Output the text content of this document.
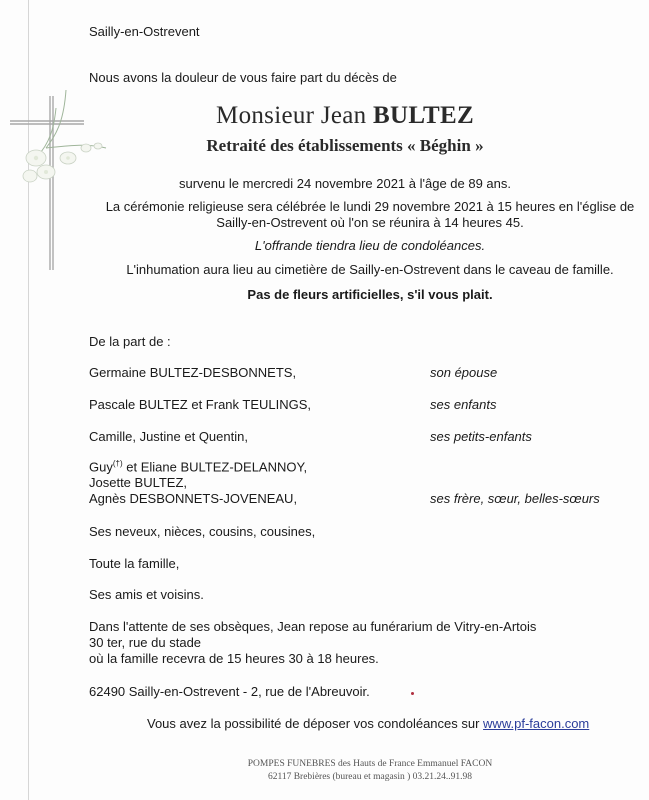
Sailly-en-Ostrevent
Nous avons la douleur de vous faire part du décès de
Monsieur Jean BULTEZ
Retraité des établissements « Béghin »
survenu le mercredi 24 novembre 2021 à l'âge de 89 ans.
La cérémonie religieuse sera célébrée le lundi 29 novembre 2021 à 15 heures en l'église de
Sailly-en-Ostrevent où l'on se réunira à 14 heures 45.
L'offrande tiendra lieu de condoléances.
L'inhumation aura lieu au cimetière de Sailly-en-Ostrevent dans le caveau de famille.
Pas de fleurs artificielles, s'il vous plait.
De la part de :
Germaine BULTEZ-DESBONNETS,	son épouse
Pascale BULTEZ et Frank TEULINGS,	ses enfants
Camille, Justine et Quentin,	ses petits-enfants
Guy(†) et Eliane BULTEZ-DELANNOY,
Josette BULTEZ,
Agnès DESBONNETS-JOVENEAU,	ses frère, sœur, belles-sœurs
Ses neveux, nièces, cousins, cousines,
Toute la famille,
Ses amis et voisins.
Dans l'attente de ses obsèques, Jean repose au funérarium de Vitry-en-Artois
30 ter, rue du stade
où la famille recevra de 15 heures 30 à 18 heures.
62490 Sailly-en-Ostrevent - 2, rue de l'Abreuvoir.
Vous avez la possibilité de déposer vos condoléances sur www.pf-facon.com
POMPES FUNEBRES des Hauts de France Emmanuel FACON
62117 Brebières (bureau et magasin ) 03.21.24..91.98
